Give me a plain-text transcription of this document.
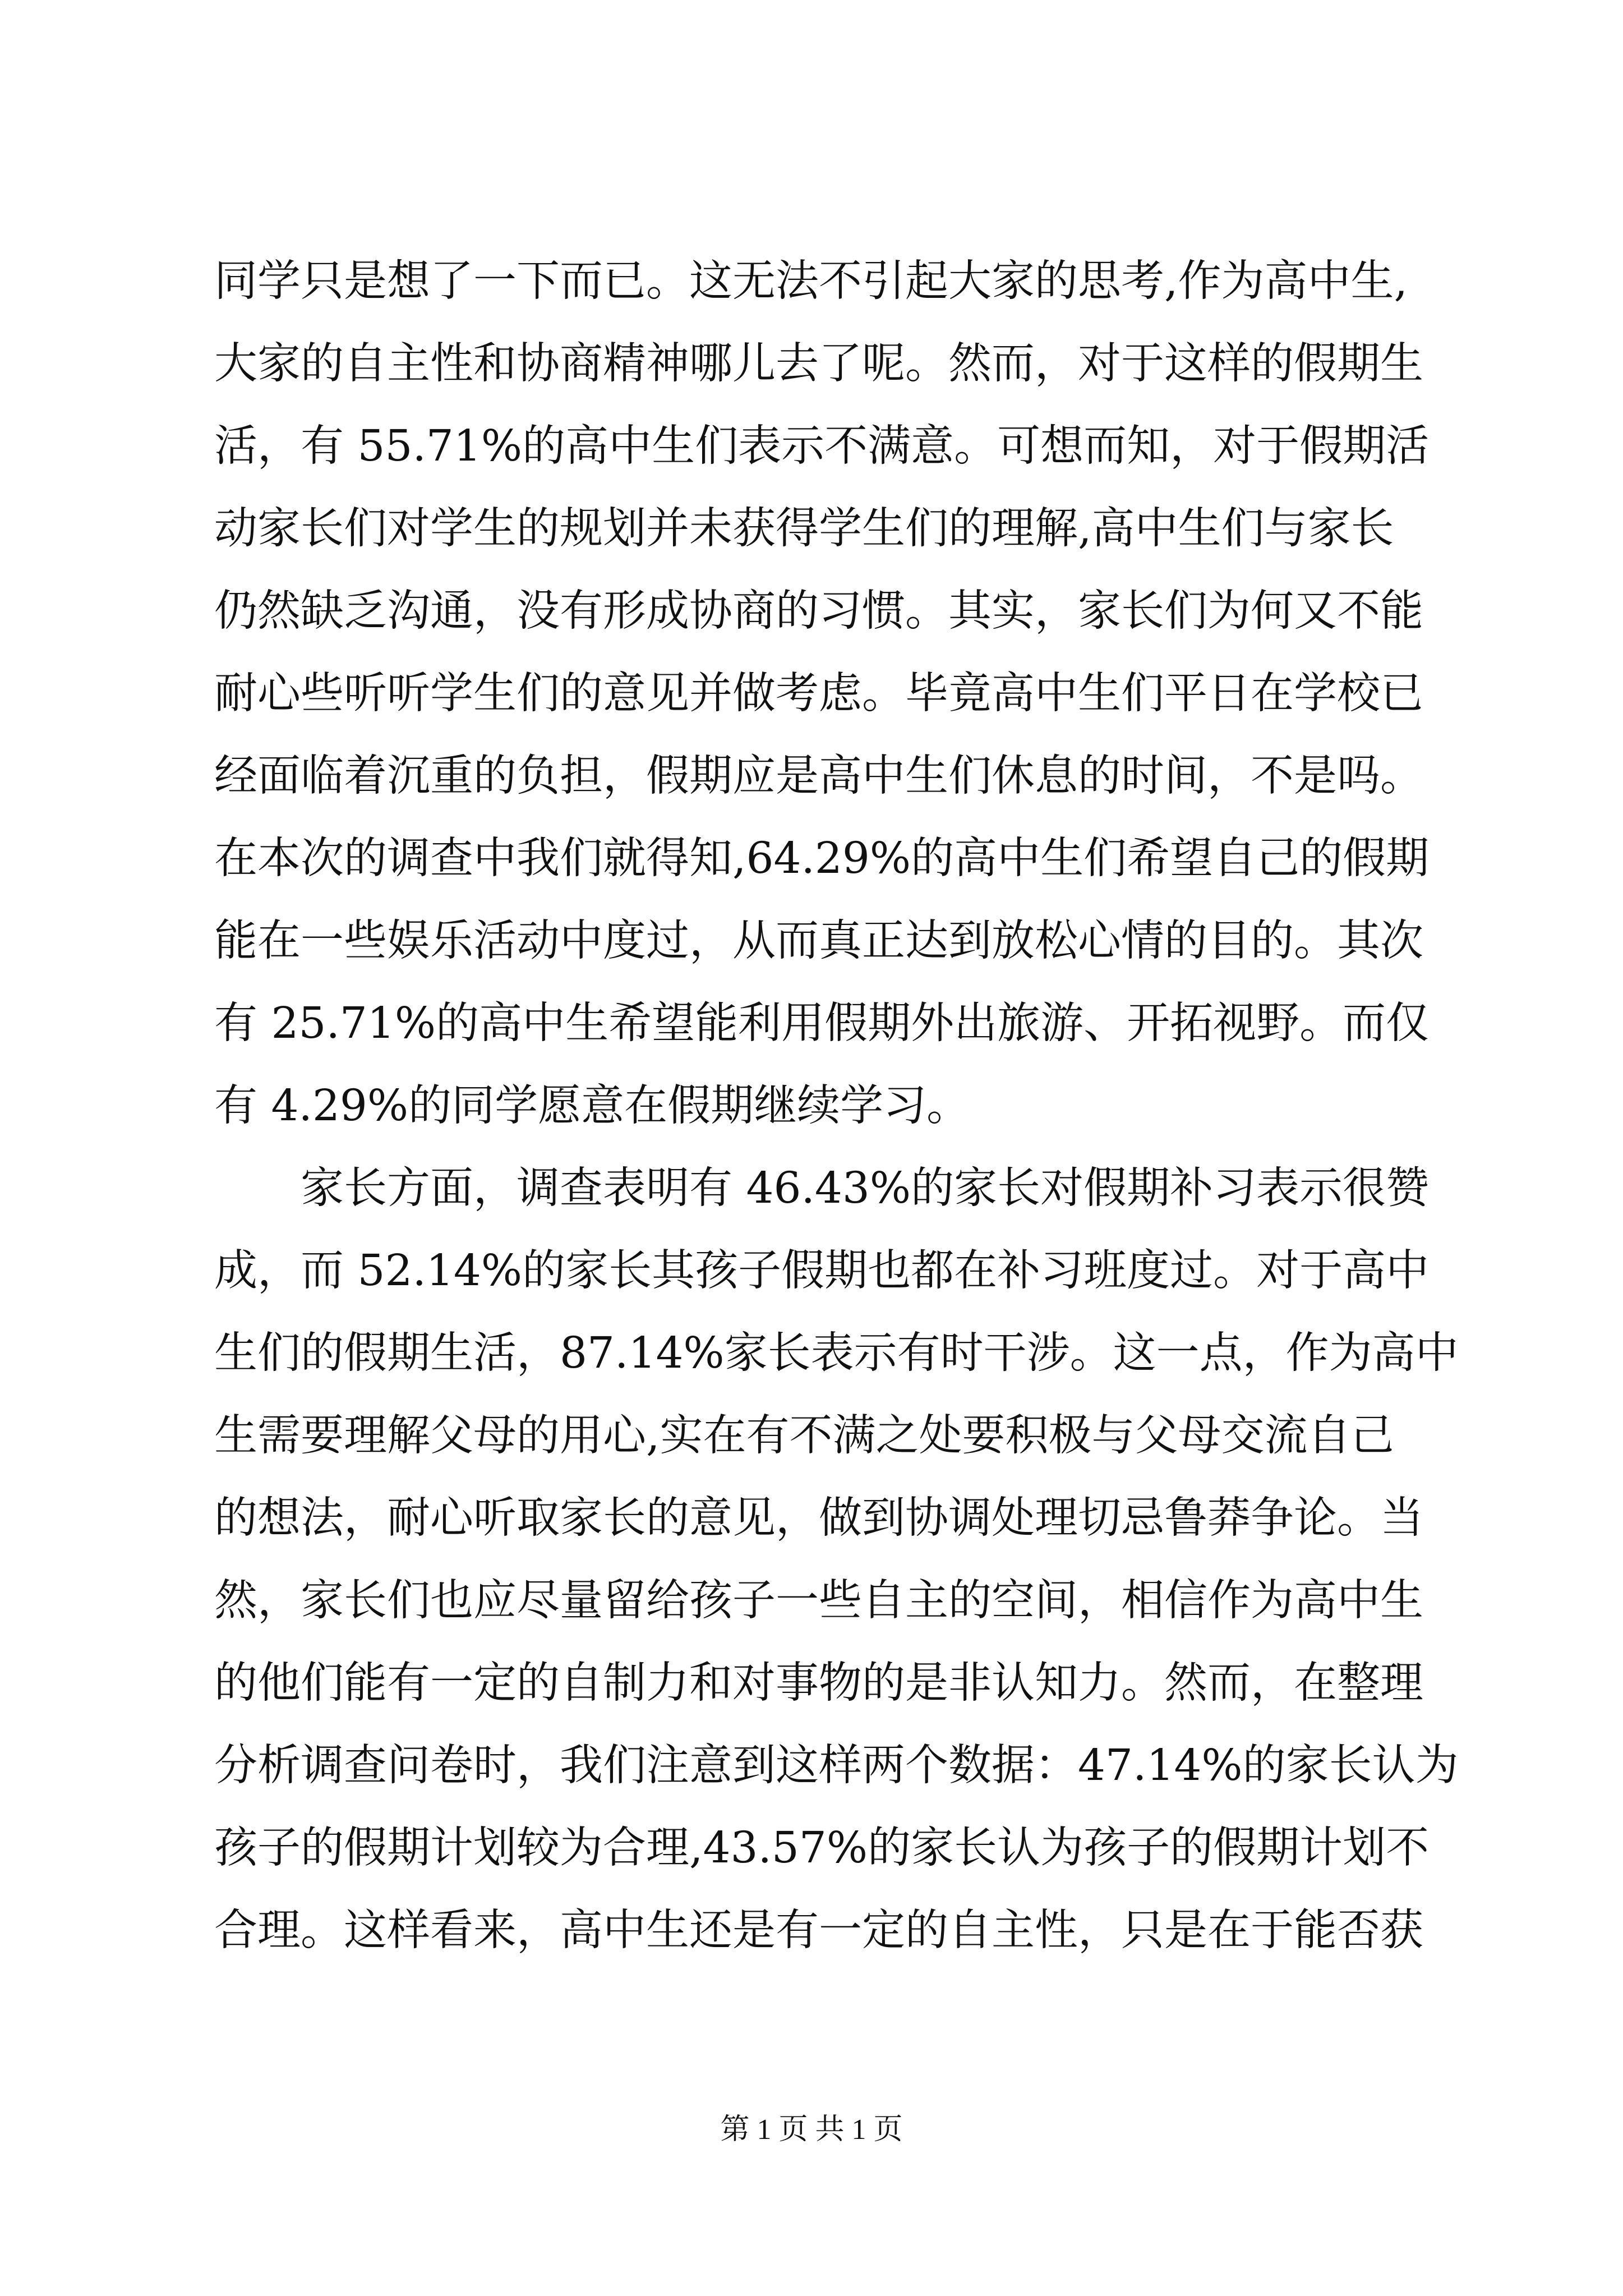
同学只是想了一下而已。这无法不引起大家的思考,作为高中生,
大家的自主性和协商精神哪儿去了呢。然而，对于这样的假期生
活，有 55.71%的高中生们表示不满意。可想而知，对于假期活
动家长们对学生的规划并未获得学生们的理解,高中生们与家长
仍然缺乏沟通，没有形成协商的习惯。其实，家长们为何又不能
耐心些听听学生们的意见并做考虑。毕竟高中生们平日在学校已
经面临着沉重的负担，假期应是高中生们休息的时间，不是吗。
在本次的调查中我们就得知,64.29%的高中生们希望自己的假期
能在一些娱乐活动中度过，从而真正达到放松心情的目的。其次
有 25.71%的高中生希望能利用假期外出旅游、开拓视野。而仅
有 4.29%的同学愿意在假期继续学习。
家长方面，调查表明有 46.43%的家长对假期补习表示很赞
成，而 52.14%的家长其孩子假期也都在补习班度过。对于高中
生们的假期生活，87.14%家长表示有时干涉。这一点，作为高中
生需要理解父母的用心,实在有不满之处要积极与父母交流自己
的想法，耐心听取家长的意见，做到协调处理切忌鲁莽争论。当
然，家长们也应尽量留给孩子一些自主的空间，相信作为高中生
的他们能有一定的自制力和对事物的是非认知力。然而，在整理
分析调查问卷时，我们注意到这样两个数据：47.14%的家长认为
孩子的假期计划较为合理,43.57%的家长认为孩子的假期计划不
合理。这样看来，高中生还是有一定的自主性，只是在于能否获
第 1 页 共 1 页
